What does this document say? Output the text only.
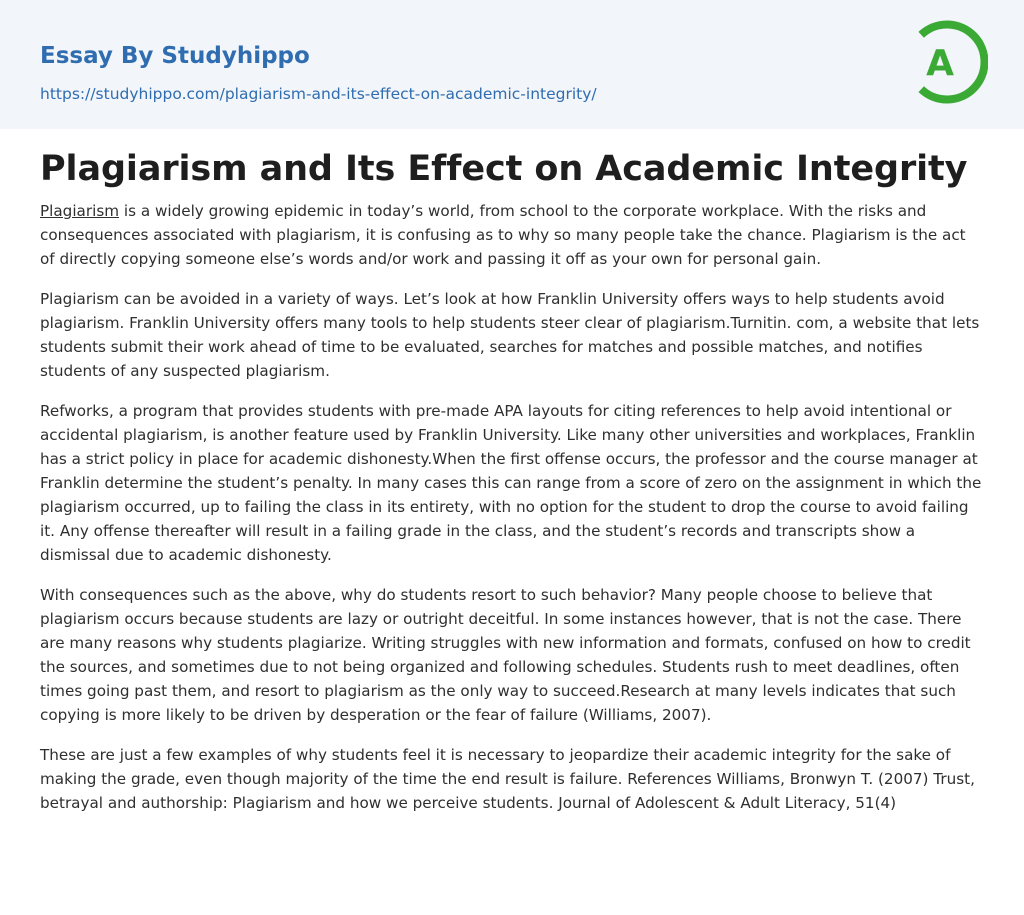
Essay By Studyhippo

https://studyhippo.com/plagiarism-and-its-effect-on-academic-integrity/
A
Plagiarism and Its Effect on Academic Integrity

Plagiarism is a widely growing epidemic in today’s world, from school to the corporate workplace. With the risks and consequences associated with plagiarism, it is confusing as to why so many people take the chance. Plagiarism is the act of directly copying someone else’s words and/or work and passing it off as your own for personal gain.

Plagiarism can be avoided in a variety of ways. Let’s look at how Franklin University offers ways to help students avoid plagiarism. Franklin University offers many tools to help students steer clear of plagiarism.Turnitin. com, a website that lets students submit their work ahead of time to be evaluated, searches for matches and possible matches, and notifies students of any suspected plagiarism.

Refworks, a program that provides students with pre-made APA layouts for citing references to help avoid intentional or accidental plagiarism, is another feature used by Franklin University. Like many other universities and workplaces, Franklin has a strict policy in place for academic dishonesty.When the first offense occurs, the professor and the course manager at Franklin determine the student’s penalty. In many cases this can range from a score of zero on the assignment in which the plagiarism occurred, up to failing the class in its entirety, with no option for the student to drop the course to avoid failing it. Any offense thereafter will result in a failing grade in the class, and the student’s records and transcripts show a dismissal due to academic dishonesty.

With consequences such as the above, why do students resort to such behavior? Many people choose to believe that plagiarism occurs because students are lazy or outright deceitful. In some instances however, that is not the case. There are many reasons why students plagiarize. Writing struggles with new information and formats, confused on how to credit the sources, and sometimes due to not being organized and following schedules. Students rush to meet deadlines, often times going past them, and resort to plagiarism as the only way to succeed.Research at many levels indicates that such copying is more likely to be driven by desperation or the fear of failure (Williams, 2007).

These are just a few examples of why students feel it is necessary to jeopardize their academic integrity for the sake of making the grade, even though majority of the time the end result is failure. References Williams, Bronwyn T. (2007) Trust, betrayal and authorship: Plagiarism and how we perceive students. Journal of Adolescent & Adult Literacy, 51(4)
